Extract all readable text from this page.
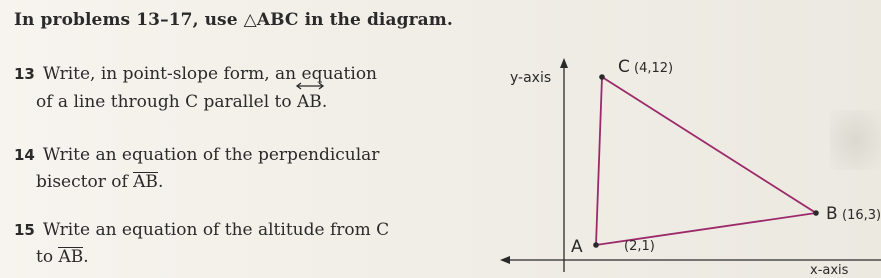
In problems 13–17, use △ABC in the diagram.
13 Write, in point-slope form, an equation
of a line through C parallel to
AB.
14 Write an equation of the perpendicular
bisector of AB.
15 Write an equation of the altitude from C
to AB.
y-axis
x-axis
C (4,12)
B (16,3)
A	(2,1)
